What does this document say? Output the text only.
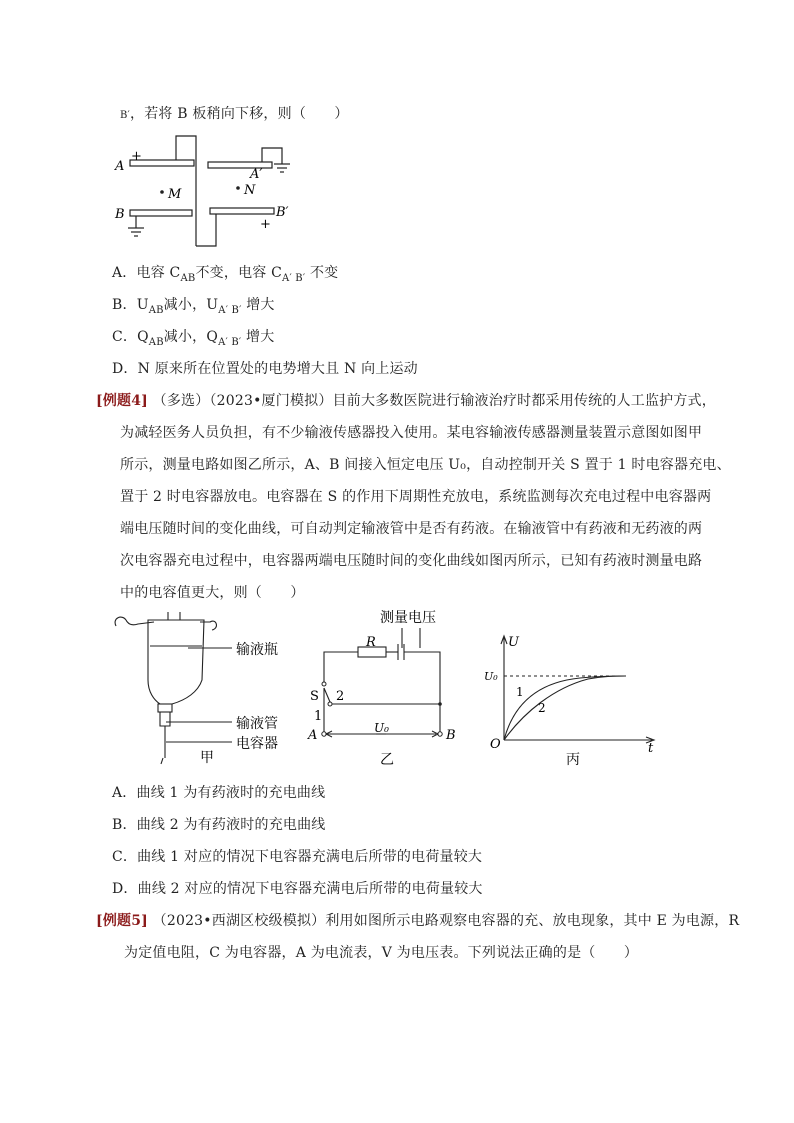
B′，若将 B 板稍向下移，则（　　）
A
+
A′
B	B′
+
M	N
A．电容 $C_{AB}$不变，电容 $C_{A' B'}$ 不变
B．$U_{AB}$减小，$U_{A' B'}$ 增大
C．$Q_{AB}$减小，$Q_{A' B'}$ 增大
D．N 原来所在位置处的电势增大且 N 向上运动
[例题4] （多选）（2023•厦门模拟）目前大多数医院进行输液治疗时都采用传统的人工监护方式，
为减轻医务人员负担，有不少输液传感器投入使用。某电容输液传感器测量装置示意图如图甲
所示，测量电路如图乙所示，A、B 间接入恒定电压 U₀，自动控制开关 S 置于 1 时电容器充电、
置于 2 时电容器放电。电容器在 S 的作用下周期性充放电，系统监测每次充电过程中电容器两
端电压随时间的变化曲线，可自动判定输液管中是否有药液。在输液管中有药液和无药液的两
次电容器充电过程中，电容器两端电压随时间的变化曲线如图丙所示，已知有药液时测量电路
中的电容值更大，则（　　）
输液瓶
输液管
电容器
甲
测量电压
R
S 2
1
A	B
U₀
乙
U
U₀
O	t
1
2
丙
A．曲线 1 为有药液时的充电曲线
B．曲线 2 为有药液时的充电曲线
C．曲线 1 对应的情况下电容器充满电后所带的电荷量较大
D．曲线 2 对应的情况下电容器充满电后所带的电荷量较大
[例题5] （2023•西湖区校级模拟）利用如图所示电路观察电容器的充、放电现象，其中 E 为电源，R
为定值电阻，C 为电容器，A 为电流表，V 为电压表。下列说法正确的是（　　）
